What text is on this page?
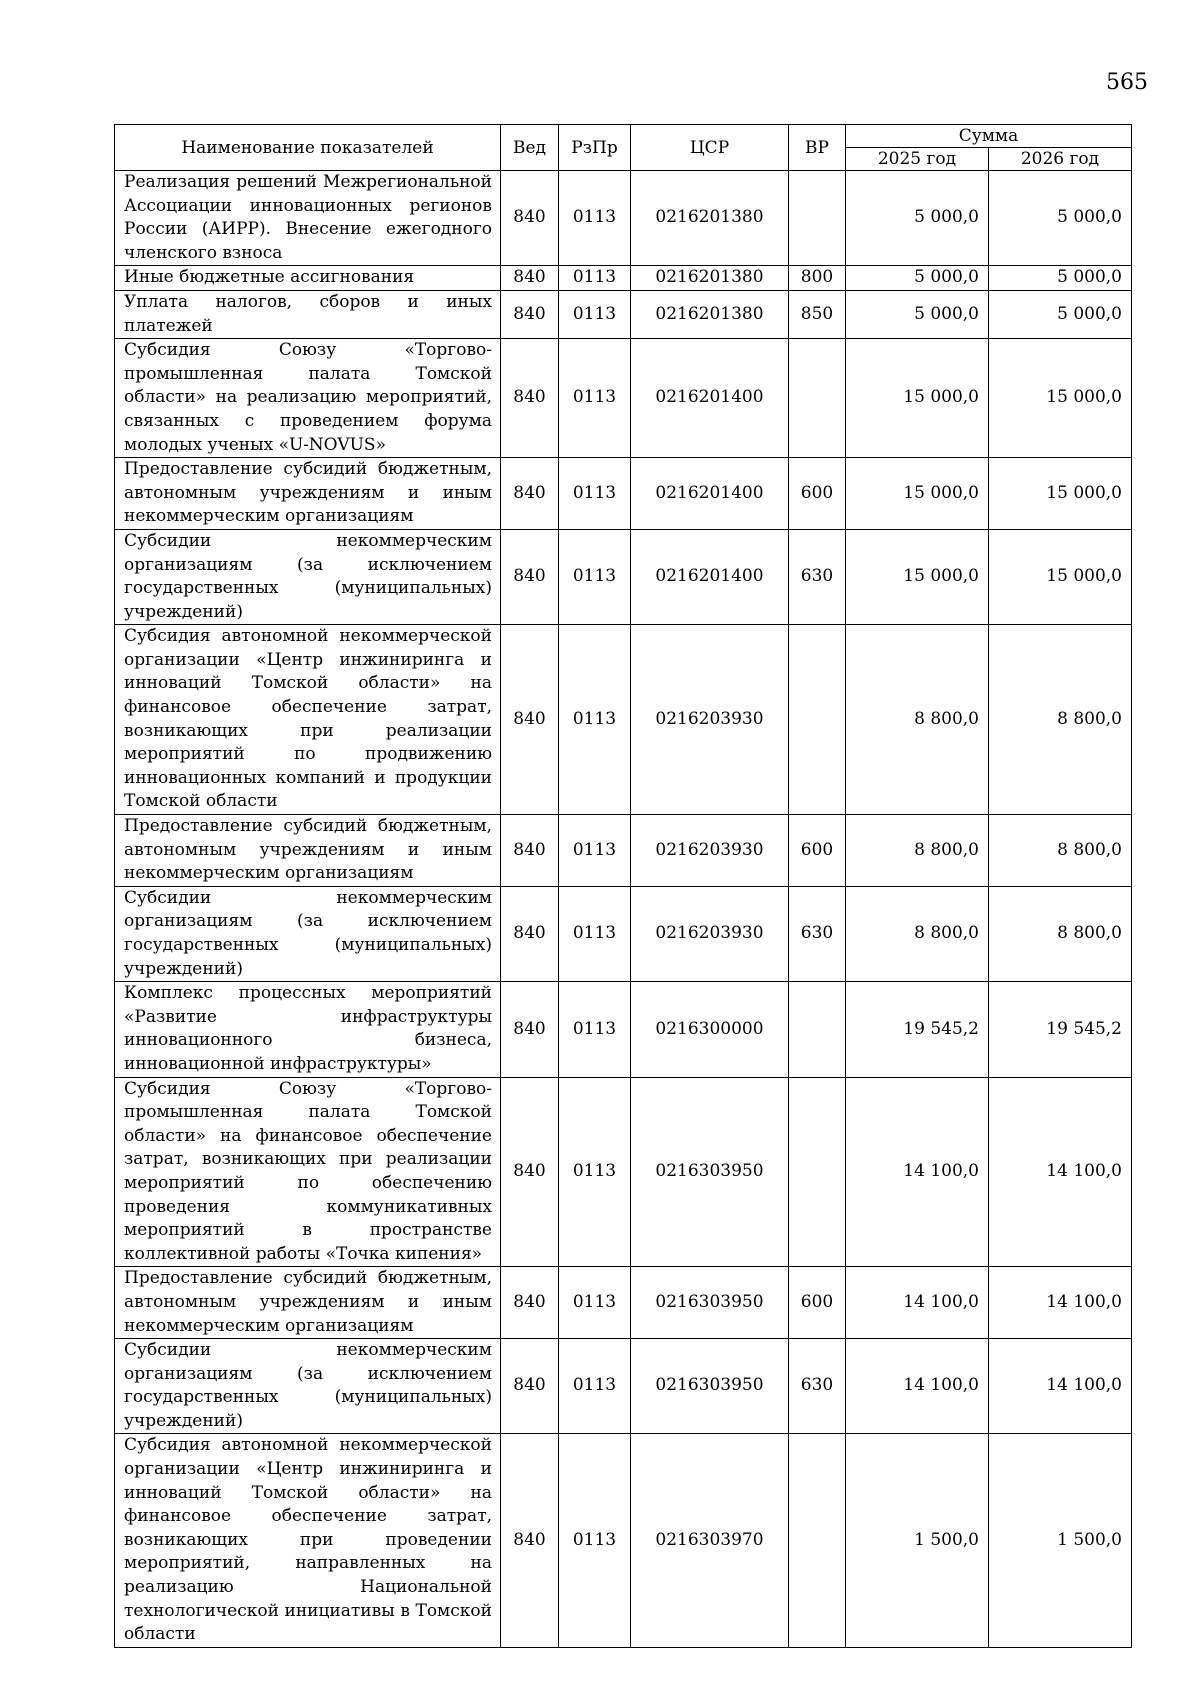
565
Наименование показателей	Вед	РзПр	ЦСР	ВР	Сумма	
					2025 год	2026 год
Реализация решений Межрегиональной Ассоциации инновационных регионов России (АИРР). Внесение ежегодного членского взноса	840	0113	0216201380		5 000,0	5 000,0
Иные бюджетные ассигнования	840	0113	0216201380	800	5 000,0	5 000,0
Уплата налогов, сборов и иных платежей	840	0113	0216201380	850	5 000,0	5 000,0
Субсидия Союзу «Торгово-промышленная палата Томской области» на реализацию мероприятий, связанных с проведением форума молодых ученых «U-NOVUS»	840	0113	0216201400		15 000,0	15 000,0
Предоставление субсидий бюджетным, автономным учреждениям и иным некоммерческим организациям	840	0113	0216201400	600	15 000,0	15 000,0
Субсидии некоммерческим организациям (за исключением государственных (муниципальных) учреждений)	840	0113	0216201400	630	15 000,0	15 000,0
Субсидия автономной некоммерческой организации «Центр инжиниринга и инноваций Томской области» на финансовое обеспечение затрат, возникающих при реализации мероприятий по продвижению инновационных компаний и продукции Томской области	840	0113	0216203930		8 800,0	8 800,0
Предоставление субсидий бюджетным, автономным учреждениям и иным некоммерческим организациям	840	0113	0216203930	600	8 800,0	8 800,0
Субсидии некоммерческим организациям (за исключением государственных (муниципальных) учреждений)	840	0113	0216203930	630	8 800,0	8 800,0
Комплекс процессных мероприятий «Развитие инфраструктуры инновационного бизнеса, инновационной инфраструктуры»	840	0113	0216300000		19 545,2	19 545,2
Субсидия Союзу «Торгово-промышленная палата Томской области» на финансовое обеспечение затрат, возникающих при реализации мероприятий по обеспечению проведения коммуникативных мероприятий в пространстве коллективной работы «Точка кипения»	840	0113	0216303950		14 100,0	14 100,0
Предоставление субсидий бюджетным, автономным учреждениям и иным некоммерческим организациям	840	0113	0216303950	600	14 100,0	14 100,0
Субсидии некоммерческим организациям (за исключением государственных (муниципальных) учреждений)	840	0113	0216303950	630	14 100,0	14 100,0
Субсидия автономной некоммерческой организации «Центр инжиниринга и инноваций Томской области» на финансовое обеспечение затрат, возникающих при проведении мероприятий, направленных на реализацию Национальной технологической инициативы в Томской области	840	0113	0216303970		1 500,0	1 500,0
